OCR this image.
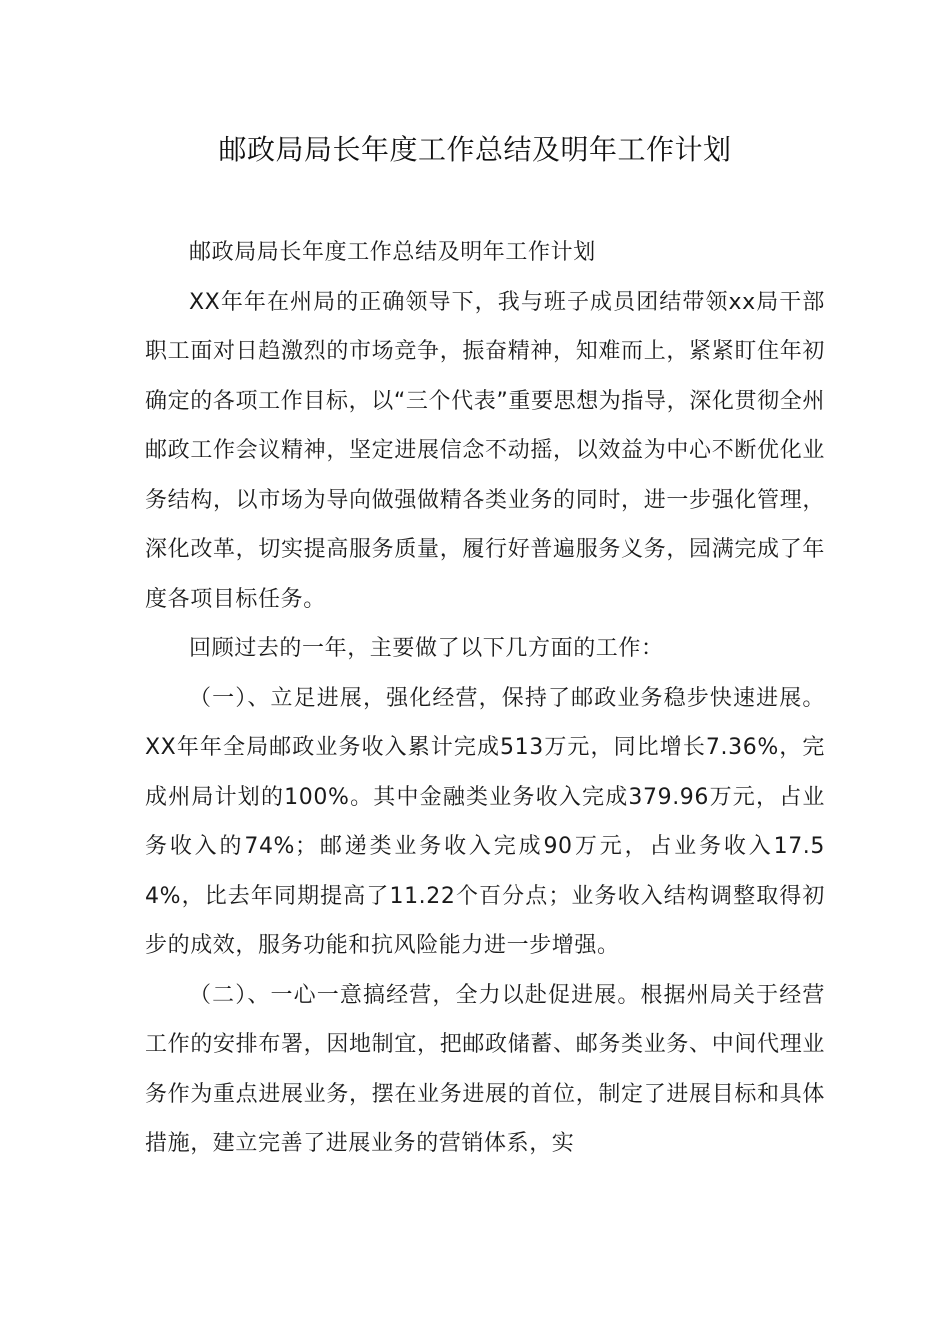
邮政局局长年度工作总结及明年工作计划

邮政局局长年度工作总结及明年工作计划

XX年年在州局的正确领导下，我与班子成员团结带领xx局干部职工面对日趋激烈的市场竞争，振奋精神，知难而上，紧紧盯住年初确定的各项工作目标，以“三个代表”重要思想为指导，深化贯彻全州邮政工作会议精神，坚定进展信念不动摇，以效益为中心不断优化业务结构，以市场为导向做强做精各类业务的同时，进一步强化管理，深化改革，切实提高服务质量，履行好普遍服务义务，园满完成了年度各项目标任务。

回顾过去的一年，主要做了以下几方面的工作：

（一）、立足进展，强化经营，保持了邮政业务稳步快速进展。XX年年全局邮政业务收入累计完成513万元，同比增长7.36%，完成州局计划的100%。其中金融类业务收入完成379.96万元，占业务收入的74%；邮递类业务收入完成90万元，占业务收入17.54%，比去年同期提高了11.22个百分点；业务收入结构调整取得初步的成效，服务功能和抗风险能力进一步增强。

（二）、一心一意搞经营，全力以赴促进展。根据州局关于经营工作的安排布署，因地制宜，把邮政储蓄、邮务类业务、中间代理业务作为重点进展业务，摆在业务进展的首位，制定了进展目标和具体措施，建立完善了进展业务的营销体系，实
